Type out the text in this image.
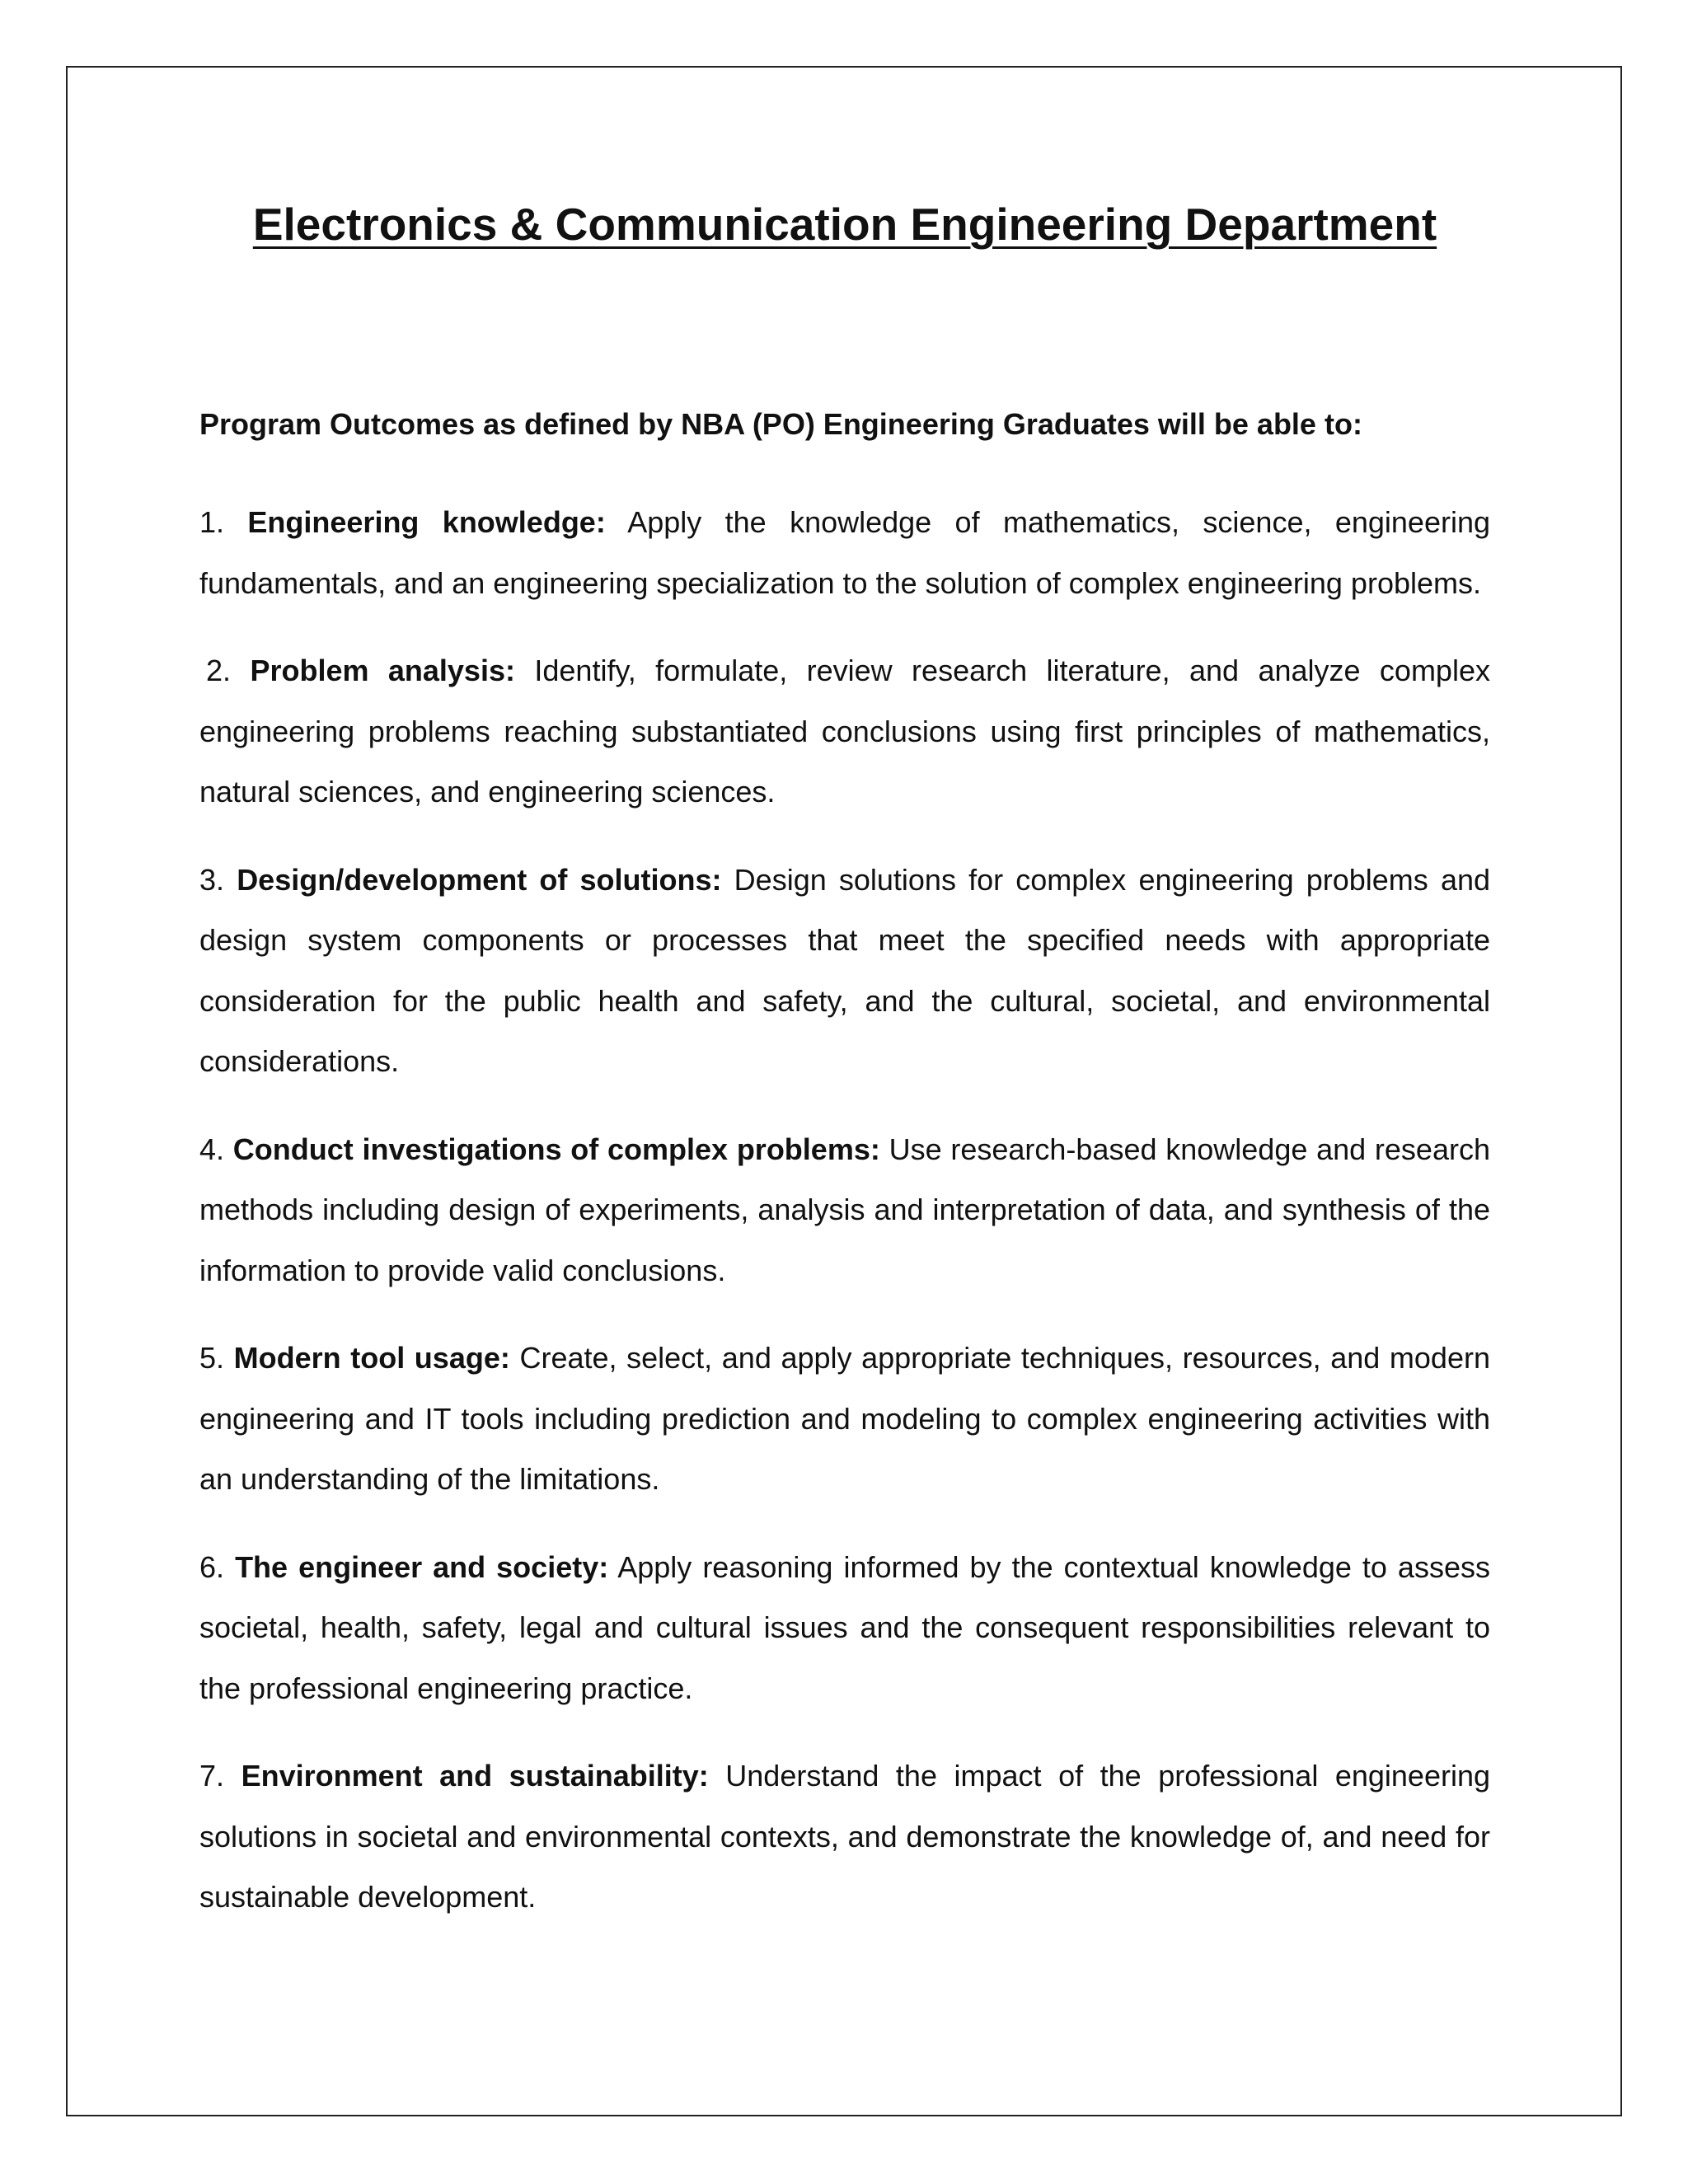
Electronics & Communication Engineering Department

Program Outcomes as defined by NBA (PO) Engineering Graduates will be able to:

1. Engineering knowledge: Apply the knowledge of mathematics, science, engineering fundamentals, and an engineering specialization to the solution of complex engineering problems.

2. Problem analysis: Identify, formulate, review research literature, and analyze complex engineering problems reaching substantiated conclusions using first principles of mathematics, natural sciences, and engineering sciences.

3. Design/development of solutions: Design solutions for complex engineering problems and design system components or processes that meet the specified needs with appropriate consideration for the public health and safety, and the cultural, societal, and environmental considerations.

4. Conduct investigations of complex problems: Use research-based knowledge and research methods including design of experiments, analysis and interpretation of data, and synthesis of the information to provide valid conclusions.

5. Modern tool usage: Create, select, and apply appropriate techniques, resources, and modern engineering and IT tools including prediction and modeling to complex engineering activities with an understanding of the limitations.

6. The engineer and society: Apply reasoning informed by the contextual knowledge to assess societal, health, safety, legal and cultural issues and the consequent responsibilities relevant to the professional engineering practice.

7. Environment and sustainability: Understand the impact of the professional engineering solutions in societal and environmental contexts, and demonstrate the knowledge of, and need for sustainable development.
